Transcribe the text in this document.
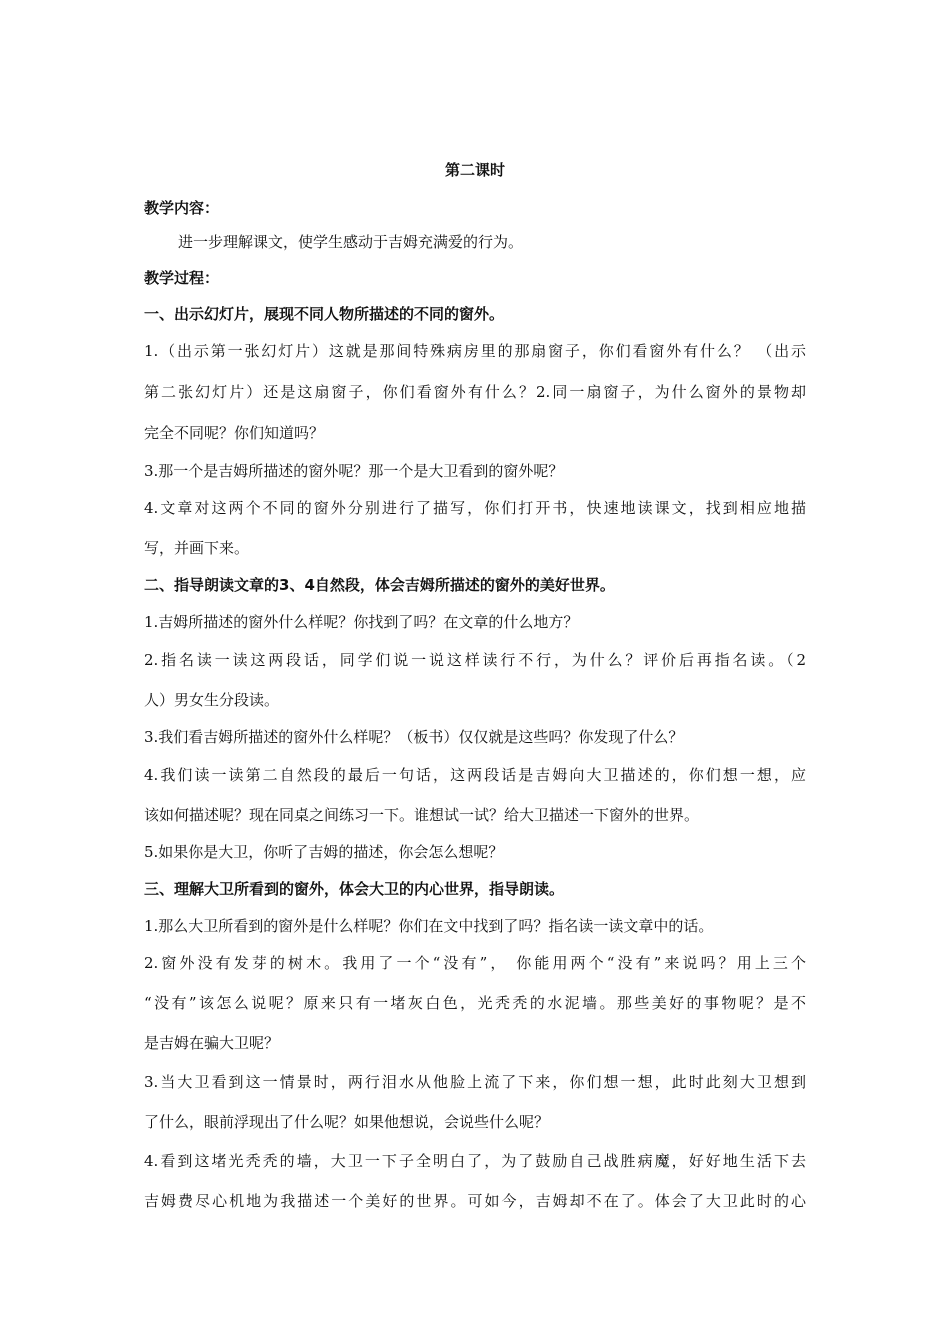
第二课时
教学内容：
进一步理解课文，使学生感动于吉姆充满爱的行为。
教学过程：
一、出示幻灯片，展现不同人物所描述的不同的窗外。
1.（出示第一张幻灯片）这就是那间特殊病房里的那扇窗子，你们看窗外有什么？ （出示
第二张幻灯片）还是这扇窗子，你们看窗外有什么？2.同一扇窗子，为什么窗外的景物却
完全不同呢？你们知道吗？
3.那一个是吉姆所描述的窗外呢？那一个是大卫看到的窗外呢？
4.文章对这两个不同的窗外分别进行了描写，你们打开书，快速地读课文，找到相应地描
写，并画下来。
二、指导朗读文章的3、4自然段，体会吉姆所描述的窗外的美好世界。
1.吉姆所描述的窗外什么样呢？你找到了吗？在文章的什么地方？
2.指名读一读这两段话，同学们说一说这样读行不行，为什么？评价后再指名读。（2
人）男女生分段读。
3.我们看吉姆所描述的窗外什么样呢？（板书）仅仅就是这些吗？你发现了什么？
4.我们读一读第二自然段的最后一句话，这两段话是吉姆向大卫描述的，你们想一想，应
该如何描述呢？现在同桌之间练习一下。谁想试一试？给大卫描述一下窗外的世界。
5.如果你是大卫，你听了吉姆的描述，你会怎么想呢？
三、理解大卫所看到的窗外，体会大卫的内心世界，指导朗读。
1.那么大卫所看到的窗外是什么样呢？你们在文中找到了吗？指名读一读文章中的话。
2.窗外没有发芽的树木。我用了一个“没有”， 你能用两个“没有”来说吗？用上三个
“没有”该怎么说呢？原来只有一堵灰白色，光秃秃的水泥墙。那些美好的事物呢？是不
是吉姆在骗大卫呢？
3.当大卫看到这一情景时，两行泪水从他脸上流了下来，你们想一想，此时此刻大卫想到
了什么，眼前浮现出了什么呢？如果他想说，会说些什么呢？
4.看到这堵光秃秃的墙，大卫一下子全明白了，为了鼓励自己战胜病魔，好好地生活下去
吉姆费尽心机地为我描述一个美好的世界。可如今，吉姆却不在了。体会了大卫此时的心
